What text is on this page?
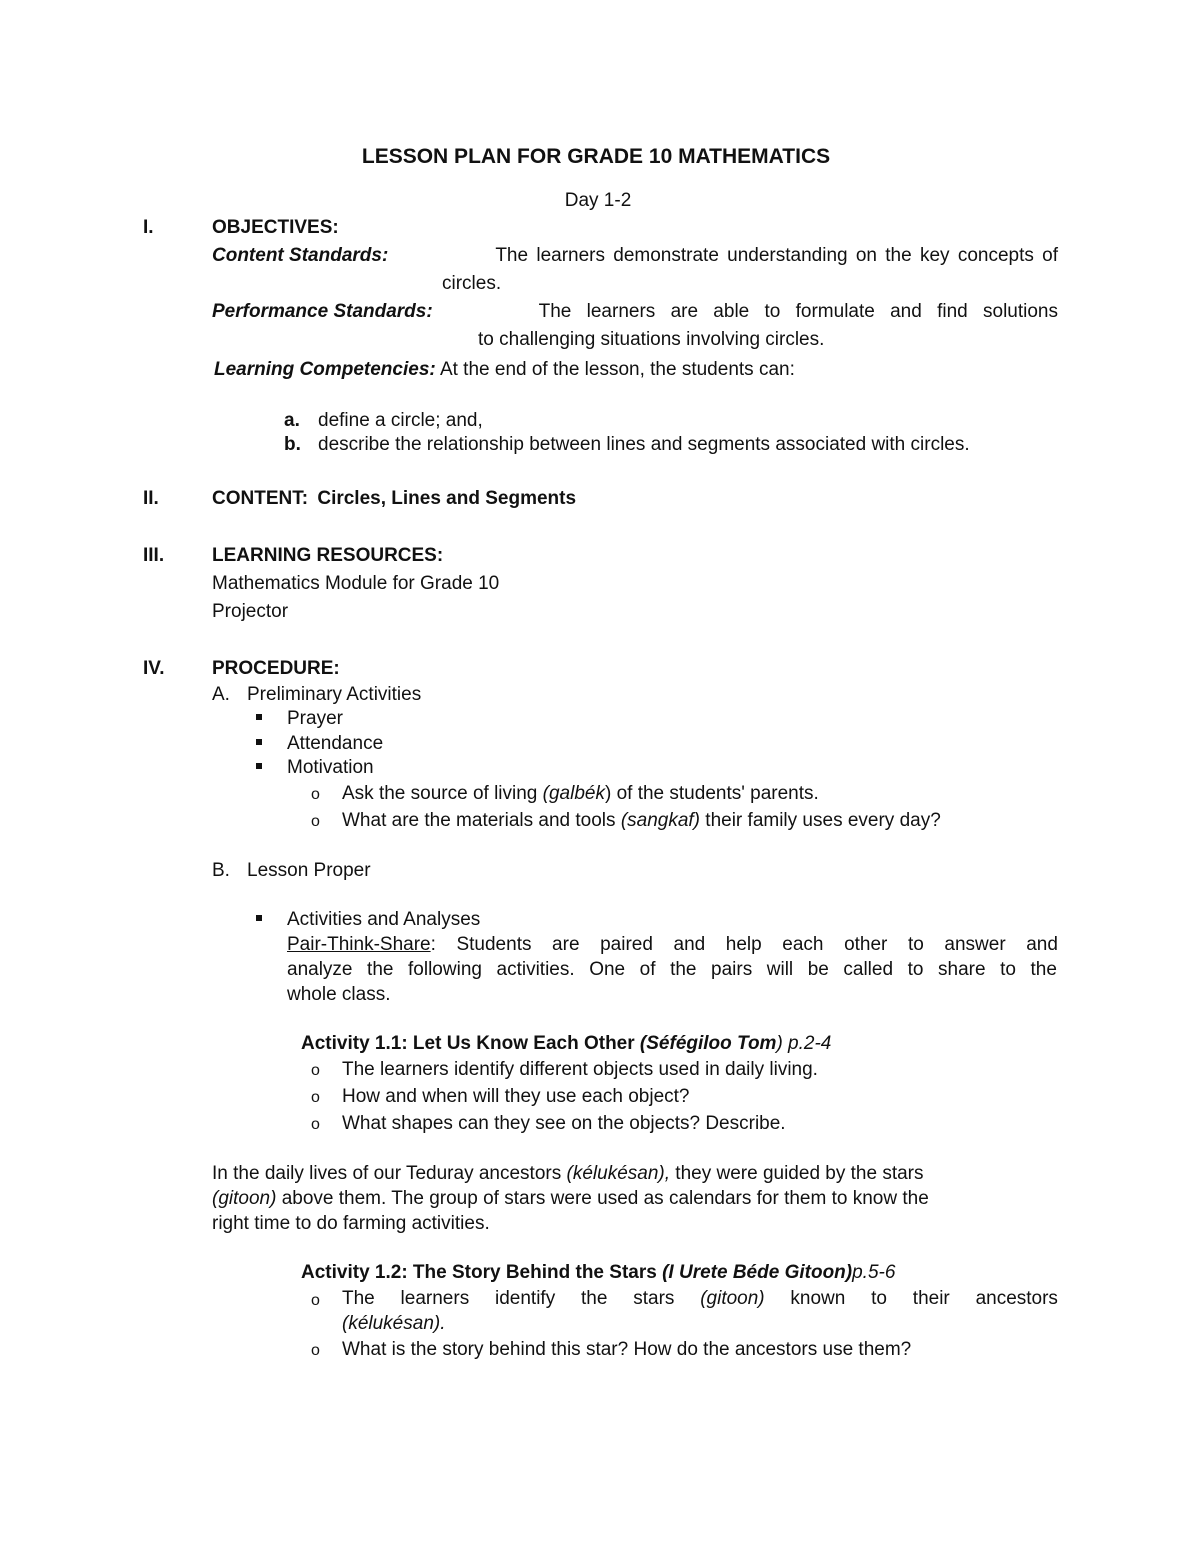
LESSON PLAN FOR GRADE 10 MATHEMATICS
Day 1-2
I.	OBJECTIVES:
Content Standards:	The learners demonstrate understanding on the key concepts of
circles.
Performance Standards:	The learners are able to formulate and find solutions
to challenging situations involving circles.
Learning Competencies: At the end of the lesson, the students can:
a. define a circle; and,
b. describe the relationship between lines and segments associated with circles.
II.	CONTENT: Circles, Lines and Segments
III.	LEARNING RESOURCES:
Mathematics Module for Grade 10
Projector
IV.	PROCEDURE:
A. Preliminary Activities
Prayer
Attendance
Motivation
o Ask the source of living (galbék) of the students' parents.
o What are the materials and tools (sangkaf) their family uses every day?
B. Lesson Proper
Activities and Analyses
Pair-Think-Share: Students are paired and help each other to answer and
analyze the following activities. One of the pairs will be called to share to the
whole class.
Activity 1.1: Let Us Know Each Other (Séfégiloo Tom) p.2-4
o The learners identify different objects used in daily living.
o How and when will they use each object?
o What shapes can they see on the objects? Describe.
In the daily lives of our Teduray ancestors (kélukésan), they were guided by the stars
(gitoon) above them. The group of stars were used as calendars for them to know the
right time to do farming activities.
Activity 1.2: The Story Behind the Stars (I Urete Béde Gitoon)p.5-6
o The learners identify the stars (gitoon) known to their ancestors
(kélukésan).
o What is the story behind this star? How do the ancestors use them?
